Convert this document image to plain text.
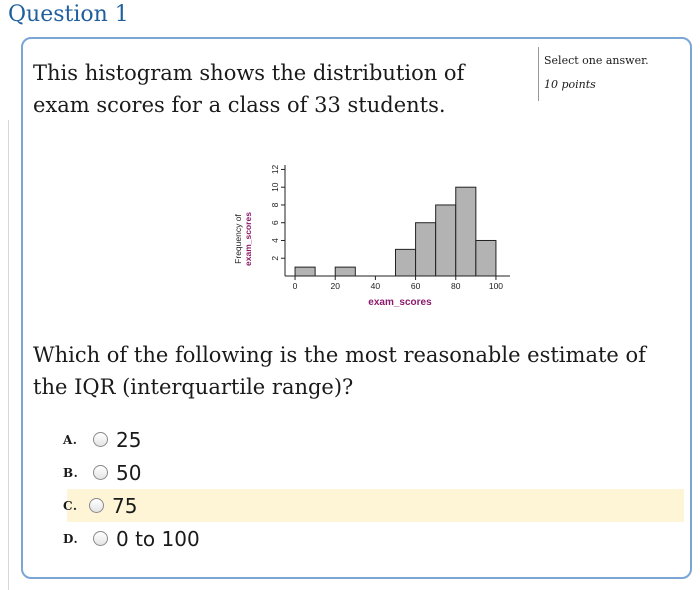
Question 1
This histogram shows the distribution of exam scores for a class of 33 students.
Select one answer.
10 points
Frequency of exam_scores
0	20	40	60	80	100
2
4
6
8
10
12
exam_scores
Which of the following is the most reasonable estimate of the IQR (interquartile range)?
A.	25
B.	50
C.	75
D.	0 to 100
